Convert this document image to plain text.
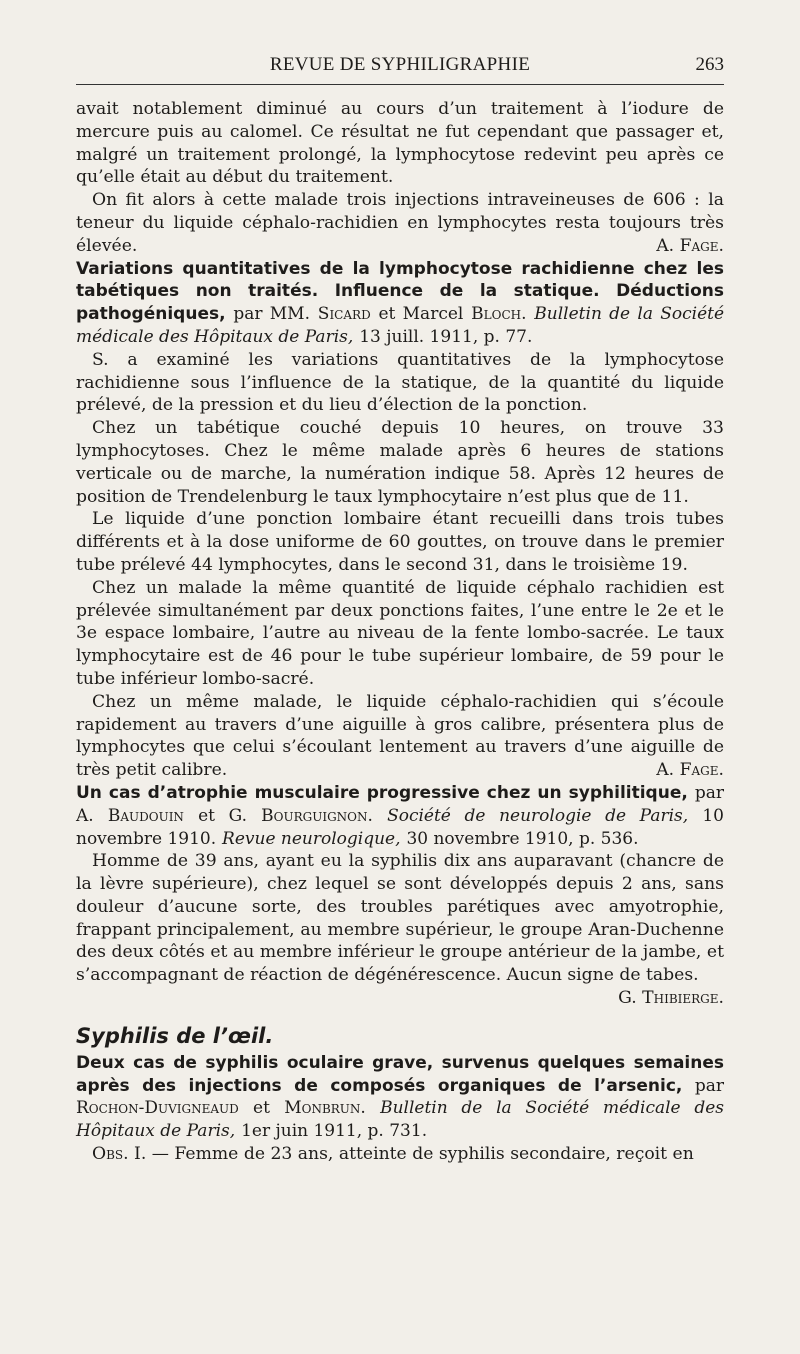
REVUE DE SYPHILIGRAPHIE	263

avait notablement diminué au cours d’un traitement à l’iodure de mercure puis au calomel. Ce résultat ne fut cependant que passager et, malgré un traitement prolongé, la lymphocytose redevint peu après ce qu’elle était au début du traitement.

On fit alors à cette malade trois injections intraveineuses de 606 : la teneur du liquide céphalo-rachidien en lymphocytes resta toujours très élevée.	A. Fage.

Variations quantitatives de la lymphocytose rachidienne chez les tabétiques non traités. Influence de la statique. Déductions pathogéniques, par MM. Sicard et Marcel Bloch. Bulletin de la Société médicale des Hôpitaux de Paris, 13 juill. 1911, p. 77.

S. a examiné les variations quantitatives de la lymphocytose rachidienne sous l’influence de la statique, de la quantité du liquide prélevé, de la pression et du lieu d’élection de la ponction.

Chez un tabétique couché depuis 10 heures, on trouve 33 lymphocytoses. Chez le même malade après 6 heures de stations verticale ou de marche, la numération indique 58. Après 12 heures de position de Trendelenburg le taux lymphocytaire n’est plus que de 11.

Le liquide d’une ponction lombaire étant recueilli dans trois tubes différents et à la dose uniforme de 60 gouttes, on trouve dans le premier tube prélevé 44 lymphocytes, dans le second 31, dans le troisième 19.

Chez un malade la même quantité de liquide céphalo rachidien est prélevée simultanément par deux ponctions faites, l’une entre le 2e et le 3e espace lombaire, l’autre au niveau de la fente lombo-sacrée. Le taux lymphocytaire est de 46 pour le tube supérieur lombaire, de 59 pour le tube inférieur lombo-sacré.

Chez un même malade, le liquide céphalo-rachidien qui s’écoule rapidement au travers d’une aiguille à gros calibre, présentera plus de lymphocytes que celui s’écoulant lentement au travers d’une aiguille de très petit calibre.	A. Fage.

Un cas d’atrophie musculaire progressive chez un syphilitique, par A. Baudouin et G. Bourguignon. Société de neurologie de Paris, 10 novembre 1910. Revue neurologique, 30 novembre 1910, p. 536.

Homme de 39 ans, ayant eu la syphilis dix ans auparavant (chancre de la lèvre supérieure), chez lequel se sont développés depuis 2 ans, sans douleur d’aucune sorte, des troubles parétiques avec amyotrophie, frappant principalement, au membre supérieur, le groupe Aran-Duchenne des deux côtés et au membre inférieur le groupe antérieur de la jambe, et s’accompagnant de réaction de dégénérescence. Aucun signe de tabes.
G. Thibierge.

Syphilis de l’œil.

Deux cas de syphilis oculaire grave, survenus quelques semaines après des injections de composés organiques de l’arsenic, par Rochon-Duvigneaud et Monbrun. Bulletin de la Société médicale des Hôpitaux de Paris, 1er juin 1911, p. 731.

Obs. I. — Femme de 23 ans, atteinte de syphilis secondaire, reçoit en
